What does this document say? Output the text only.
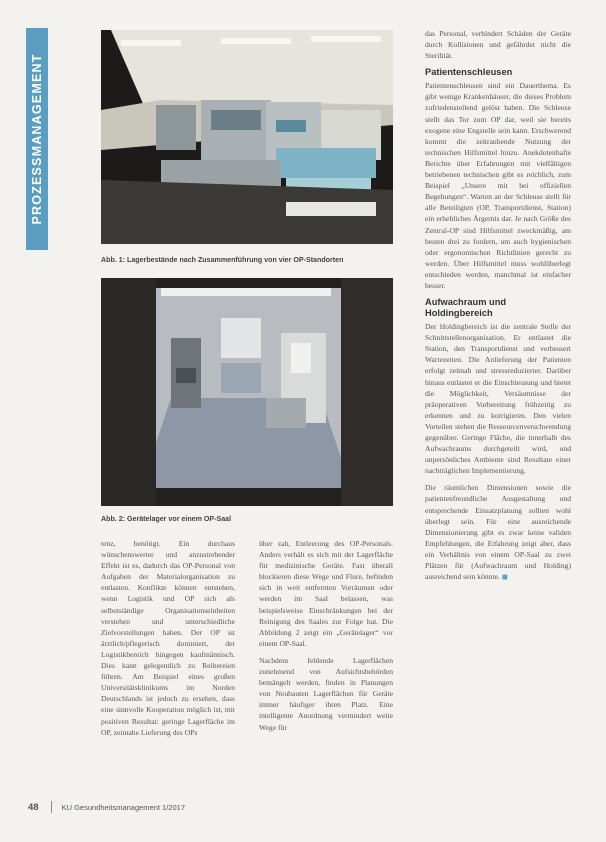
PROZESSMANAGEMENT
Abb. 1: Lagerbestände nach Zusammenführung von vier OP-Standorten
Abb. 2: Gerätelager vor einem OP-Saal

tenz, benötigt. Ein durchaus wünschenswerter und anzustrebender Effekt ist es, dadurch das OP-Personal von Aufgaben der Materialorganisation zu entlasten. Konflikte können entstehen, wenn Logistik und OP sich als selbstständige Organisationseinheiten verstehen und unterschiedliche Zielvorstellungen haben. Der OP ist ärztlich/pflegerisch dominiert, der Logistikbereich hingegen kaufmännisch. Dies kann gelegentlich zu Reibereien führen. Am Beispiel eines großen Universitätsklinikums im Norden Deutschlands ist jedoch zu ersehen, dass eine sinnvolle Kooperation möglich ist, mit positiven Resultat: geringe Lagerfläche im OP, zeitnahe Lieferung des OPs

über zah, Entleerung des OP-Personals. Anders verhält es sich mit der Lagerfläche für medizinische Geräte. Fast überall blockieren diese Wege und Flure, befinden sich in weit entfernten Vorräumen oder werden im Saal belassen, was beispielsweise Einschränkungen bei der Reinigung des Saales zur Folge hat. Die Abbildung 2 zeigt ein „Gerätelager“ vor einem OP-Saal.

Nachdem fehlende Lagerflächen zunehmend von Aufsichtsbehörden bemängelt werden, finden in Planungen von Neubauten Lagerflächen für Geräte immer häufiger ihren Platz. Eine intelligente Anordnung vermindert weite Wege für

das Personal, verhindert Schäden der Geräte durch Kollisionen und gefährdet nicht die Sterilität.

Patientenschleusen

Patientenschleusen sind ein Dauerthema. Es gibt wenige Krankenhäuser, die dieses Problem zufriedenstellend gelöst haben. Die Schleuse stellt das Tor zum OP dar, weil sie bereits exogene eine Engstelle sein kann. Erschwerend kommt die zeitraubende Nutzung der technischen Hilfsmittel hinzu. Anekdotenhafte Berichte über Erfahrungen mit vielfältigen betriebenen technischen gibt es reichlich, zum Beispiel „Unsere mit bei offiziellen Begehungen“. Warten an der Schleuse stellt für alle Beteiligten (OP, Transportdienst, Station) ein erhebliches Ärgernis dar. Je nach Größe des Zentral-OP sind Hilfsmittel zweckmäßig, am besten drei zu fordern, um auch hygienischen oder ergonomischen Richtlinien gerecht zu werden. Über Hilfsmittel muss wohlüberlegt entschieden werden, manchmal ist einfacher besser.

Aufwachraum und Holdingbereich

Der Holdingbereich ist die zentrale Stelle der Schnittstellenorganisation. Er entlastet die Station, den Transportdienst und verbessert Wartezeiten. Die Anlieferung der Patienten erfolgt zeitnah und stressreduzierter. Darüber hinaus entlastet er die Einschleusung und bietet die Möglichkeit, Versäumnisse der präoperativen Vorbereitung frühzeitig zu erkennen und zu korrigieren. Den vielen Vorteilen stehen die Ressourcenverschwendung gegenüber. Geringe Fläche, die innerhalb des Aufwachraums durchgeteilt wird, und unpersönliches Ambiente sind Resultate einer nachträglichen Implementierung.

Die räumlichen Dimensionen sowie die patientenfreundliche Ausgestaltung und entsprechende Einsatzplanung sollten wohl überlegt sein. Für eine ausreichende Dimensionierung gibt es zwar keine validen Empfehlungen, die Erfahrung zeigt aber, dass ein Verhältnis von einem OP-Saal zu zwei Plätzen für (Aufwachraum und Holding) ausreichend sein könnte. ◼

48	KU Gesundheitsmanagement 1/2017
